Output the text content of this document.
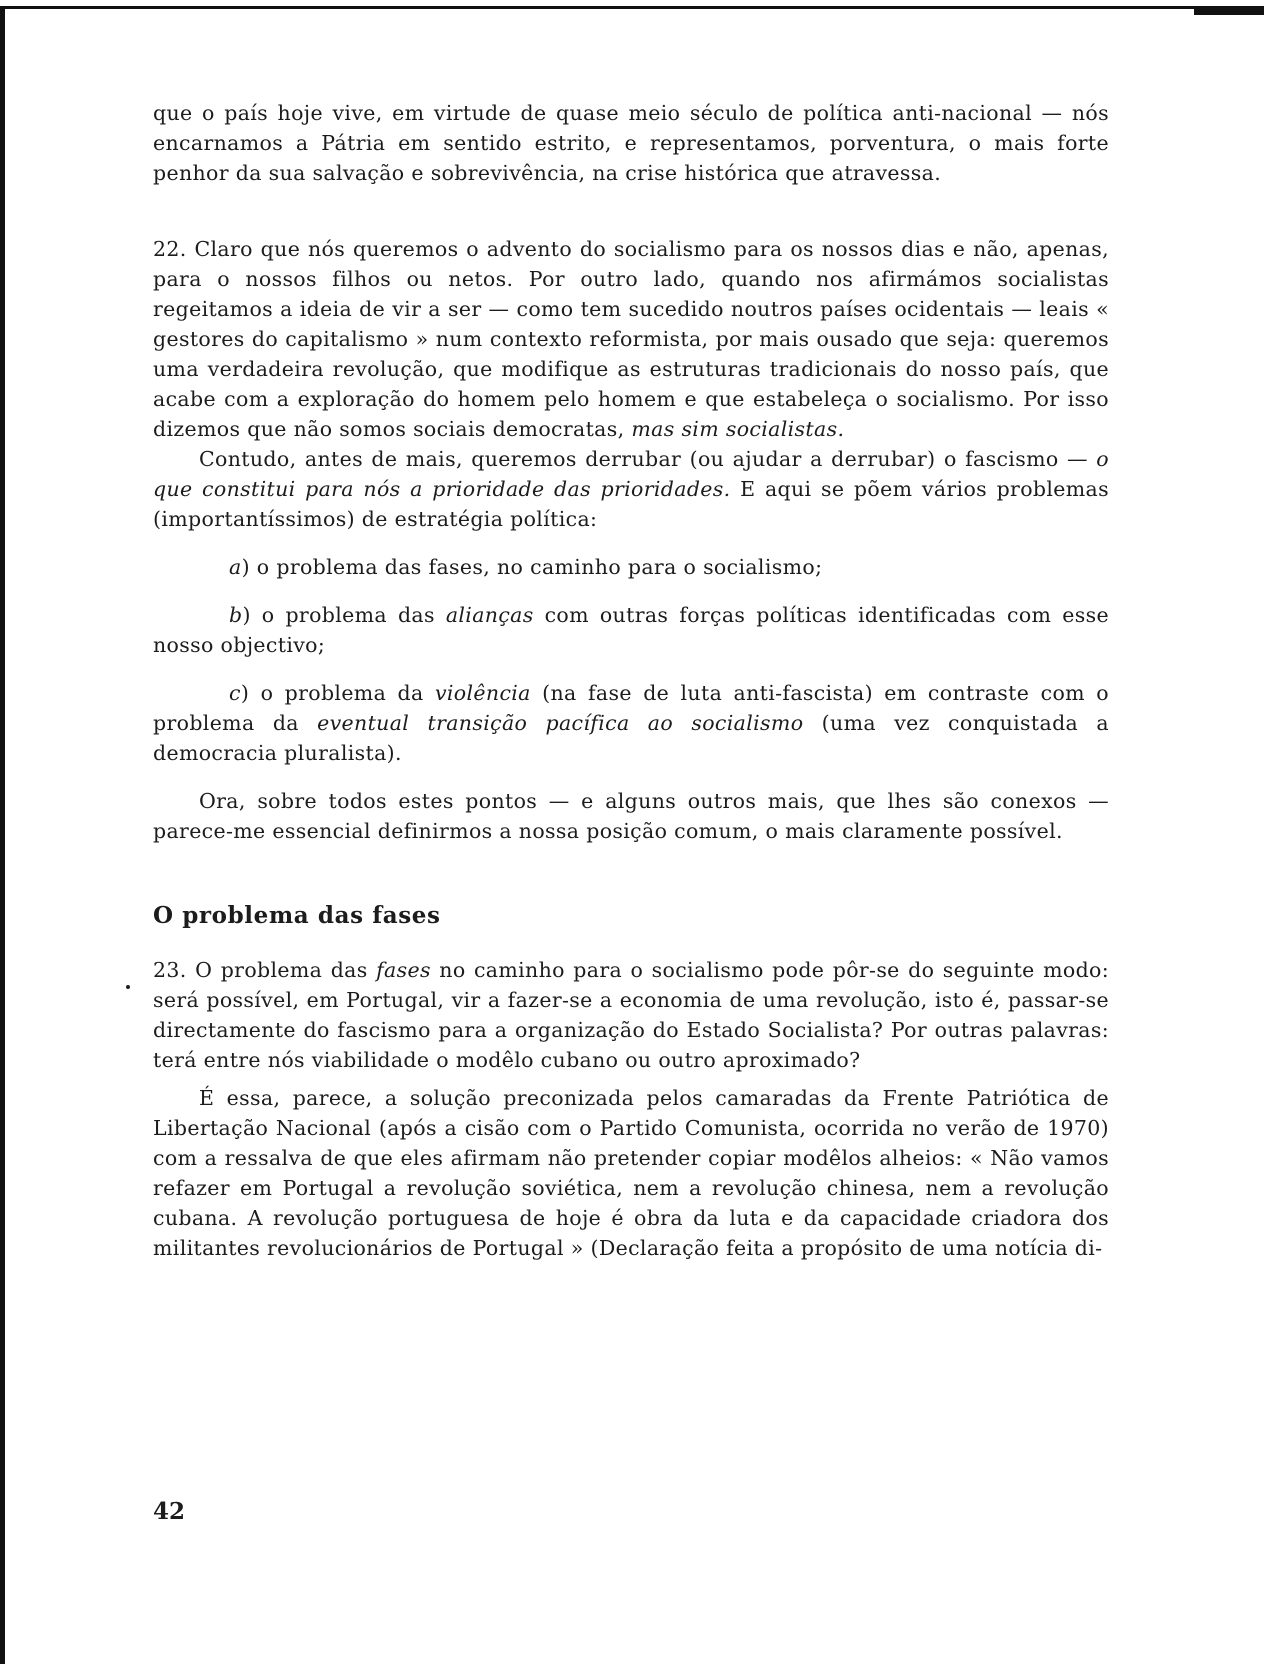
que o país hoje vive, em virtude de quase meio século de política anti-nacional — nós encarnamos a Pátria em sentido estrito, e representamos, porventura, o mais forte penhor da sua salvação e sobrevivência, na crise histórica que atravessa.

22. Claro que nós queremos o advento do socialismo para os nossos dias e não, apenas, para o nossos filhos ou netos. Por outro lado, quando nos afirmámos socialistas regeitamos a ideia de vir a ser — como tem sucedido noutros países ocidentais — leais « gestores do capitalismo » num contexto reformista, por mais ousado que seja: queremos uma verdadeira revolução, que modifique as estruturas tradicionais do nosso país, que acabe com a exploração do homem pelo homem e que estabeleça o socialismo. Por isso dizemos que não somos sociais democratas, mas sim socialistas.

Contudo, antes de mais, queremos derrubar (ou ajudar a derrubar) o fascismo — o que constitui para nós a prioridade das prioridades. E aqui se põem vários problemas (importantíssimos) de estratégia política:

a) o problema das fases, no caminho para o socialismo;

b) o problema das alianças com outras forças políticas identificadas com esse nosso objectivo;

c) o problema da violência (na fase de luta anti-fascista) em contraste com o problema da eventual transição pacífica ao socialismo (uma vez conquistada a democracia pluralista).

Ora, sobre todos estes pontos — e alguns outros mais, que lhes são conexos — parece-me essencial definirmos a nossa posição comum, o mais claramente possível.

O problema das fases

23. O problema das fases no caminho para o socialismo pode pôr-se do seguinte modo: será possível, em Portugal, vir a fazer-se a economia de uma revolução, isto é, passar-se directamente do fascismo para a organização do Estado Socialista? Por outras palavras: terá entre nós viabilidade o modêlo cubano ou outro aproximado?

É essa, parece, a solução preconizada pelos camaradas da Frente Patriótica de Libertação Nacional (após a cisão com o Partido Comunista, ocorrida no verão de 1970) com a ressalva de que eles afirmam não pretender copiar modêlos alheios: « Não vamos refazer em Portugal a revolução soviética, nem a revolução chinesa, nem a revolução cubana. A revolução portuguesa de hoje é obra da luta e da capacidade criadora dos militantes revolucionários de Portugal » (Declaração feita a propósito de uma notícia di-

42
